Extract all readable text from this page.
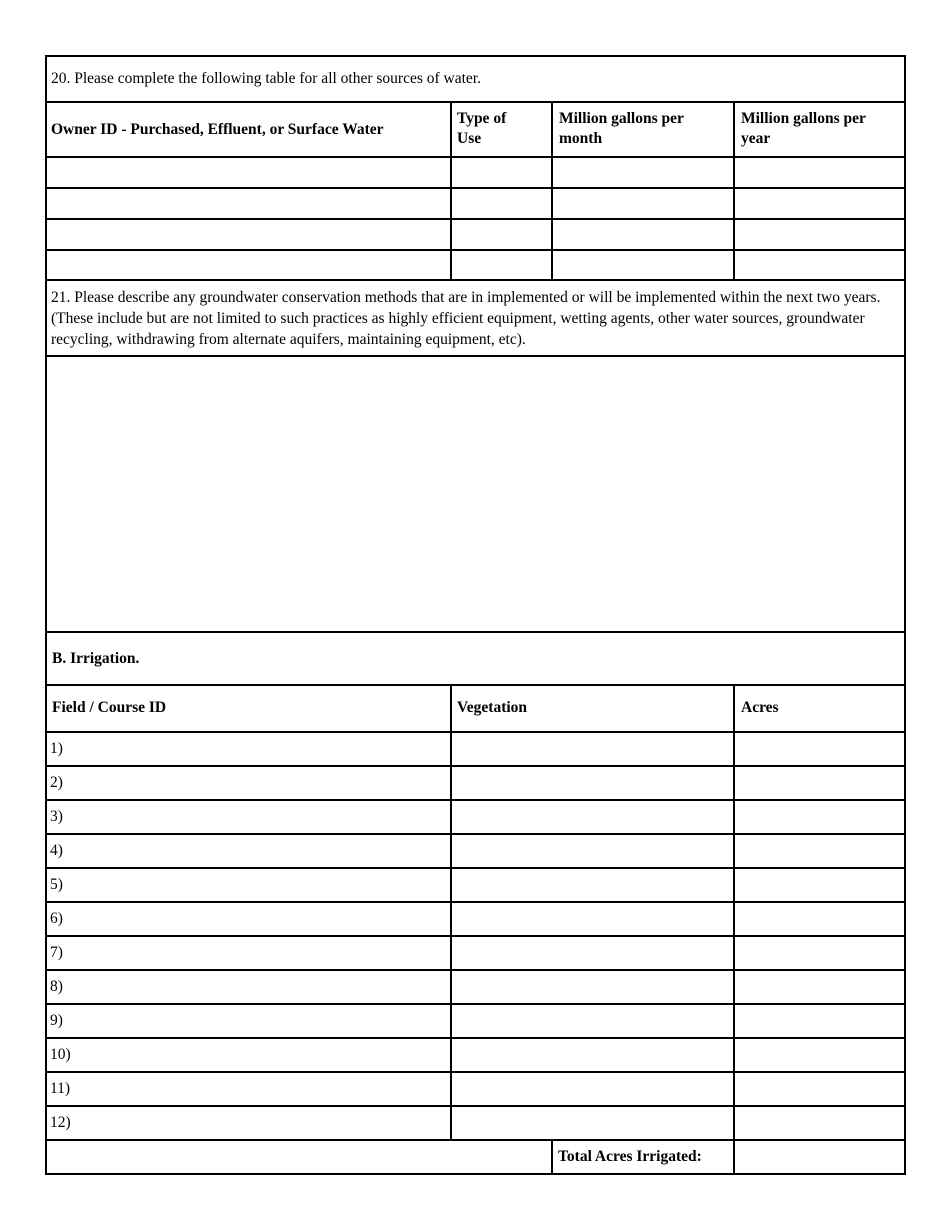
20. Please complete the following table for all other sources of water.
Owner ID - Purchased, Effluent, or Surface Water
Type of
Use
Million gallons per
month
Million gallons per
year
21. Please describe any groundwater conservation methods that are in implemented or will be implemented within the next two years. (These include but are not limited to such practices as highly efficient equipment, wetting agents, other water sources, groundwater recycling, withdrawing from alternate aquifers, maintaining equipment, etc).
B. Irrigation.
Field / Course ID	Vegetation	Acres
1)
2)
3)
4)
5)
6)
7)
8)
9)
10)
11)
12)
Total Acres Irrigated:
